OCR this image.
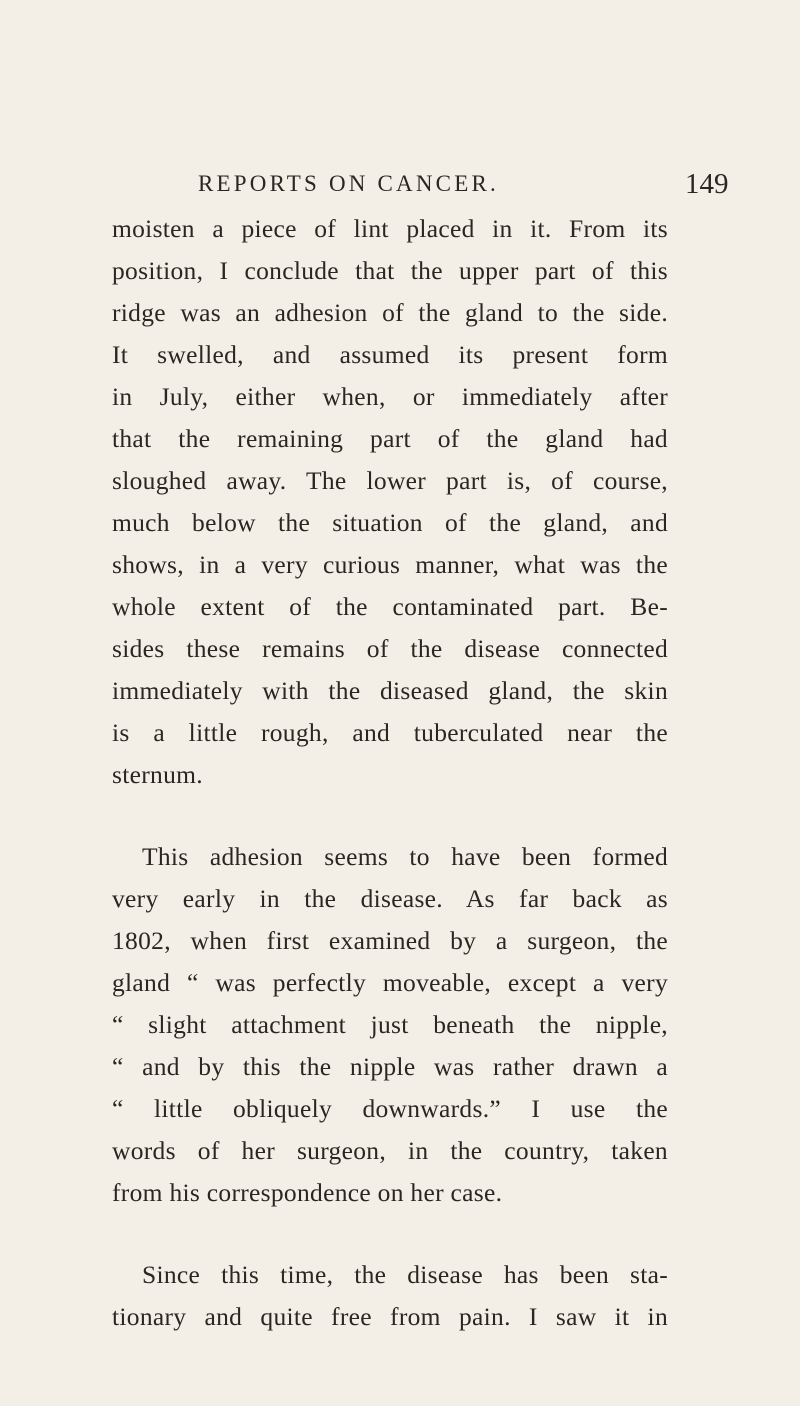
REPORTS ON CANCER.	149
moisten a piece of lint placed in it. From its
position, I conclude that the upper part of this
ridge was an adhesion of the gland to the side.
It swelled, and assumed its present form
in July, either when, or immediately after
that the remaining part of the gland had
sloughed away. The lower part is, of course,
much below the situation of the gland, and
shows, in a very curious manner, what was the
whole extent of the contaminated part. Be-
sides these remains of the disease connected
immediately with the diseased gland, the skin
is a little rough, and tuberculated near the
sternum.
This adhesion seems to have been formed
very early in the disease. As far back as
1802, when first examined by a surgeon, the
gland “ was perfectly moveable, except a very
“ slight attachment just beneath the nipple,
“ and by this the nipple was rather drawn a
“ little obliquely downwards.” I use the
words of her surgeon, in the country, taken
from his correspondence on her case.
Since this time, the disease has been sta-
tionary and quite free from pain. I saw it in
